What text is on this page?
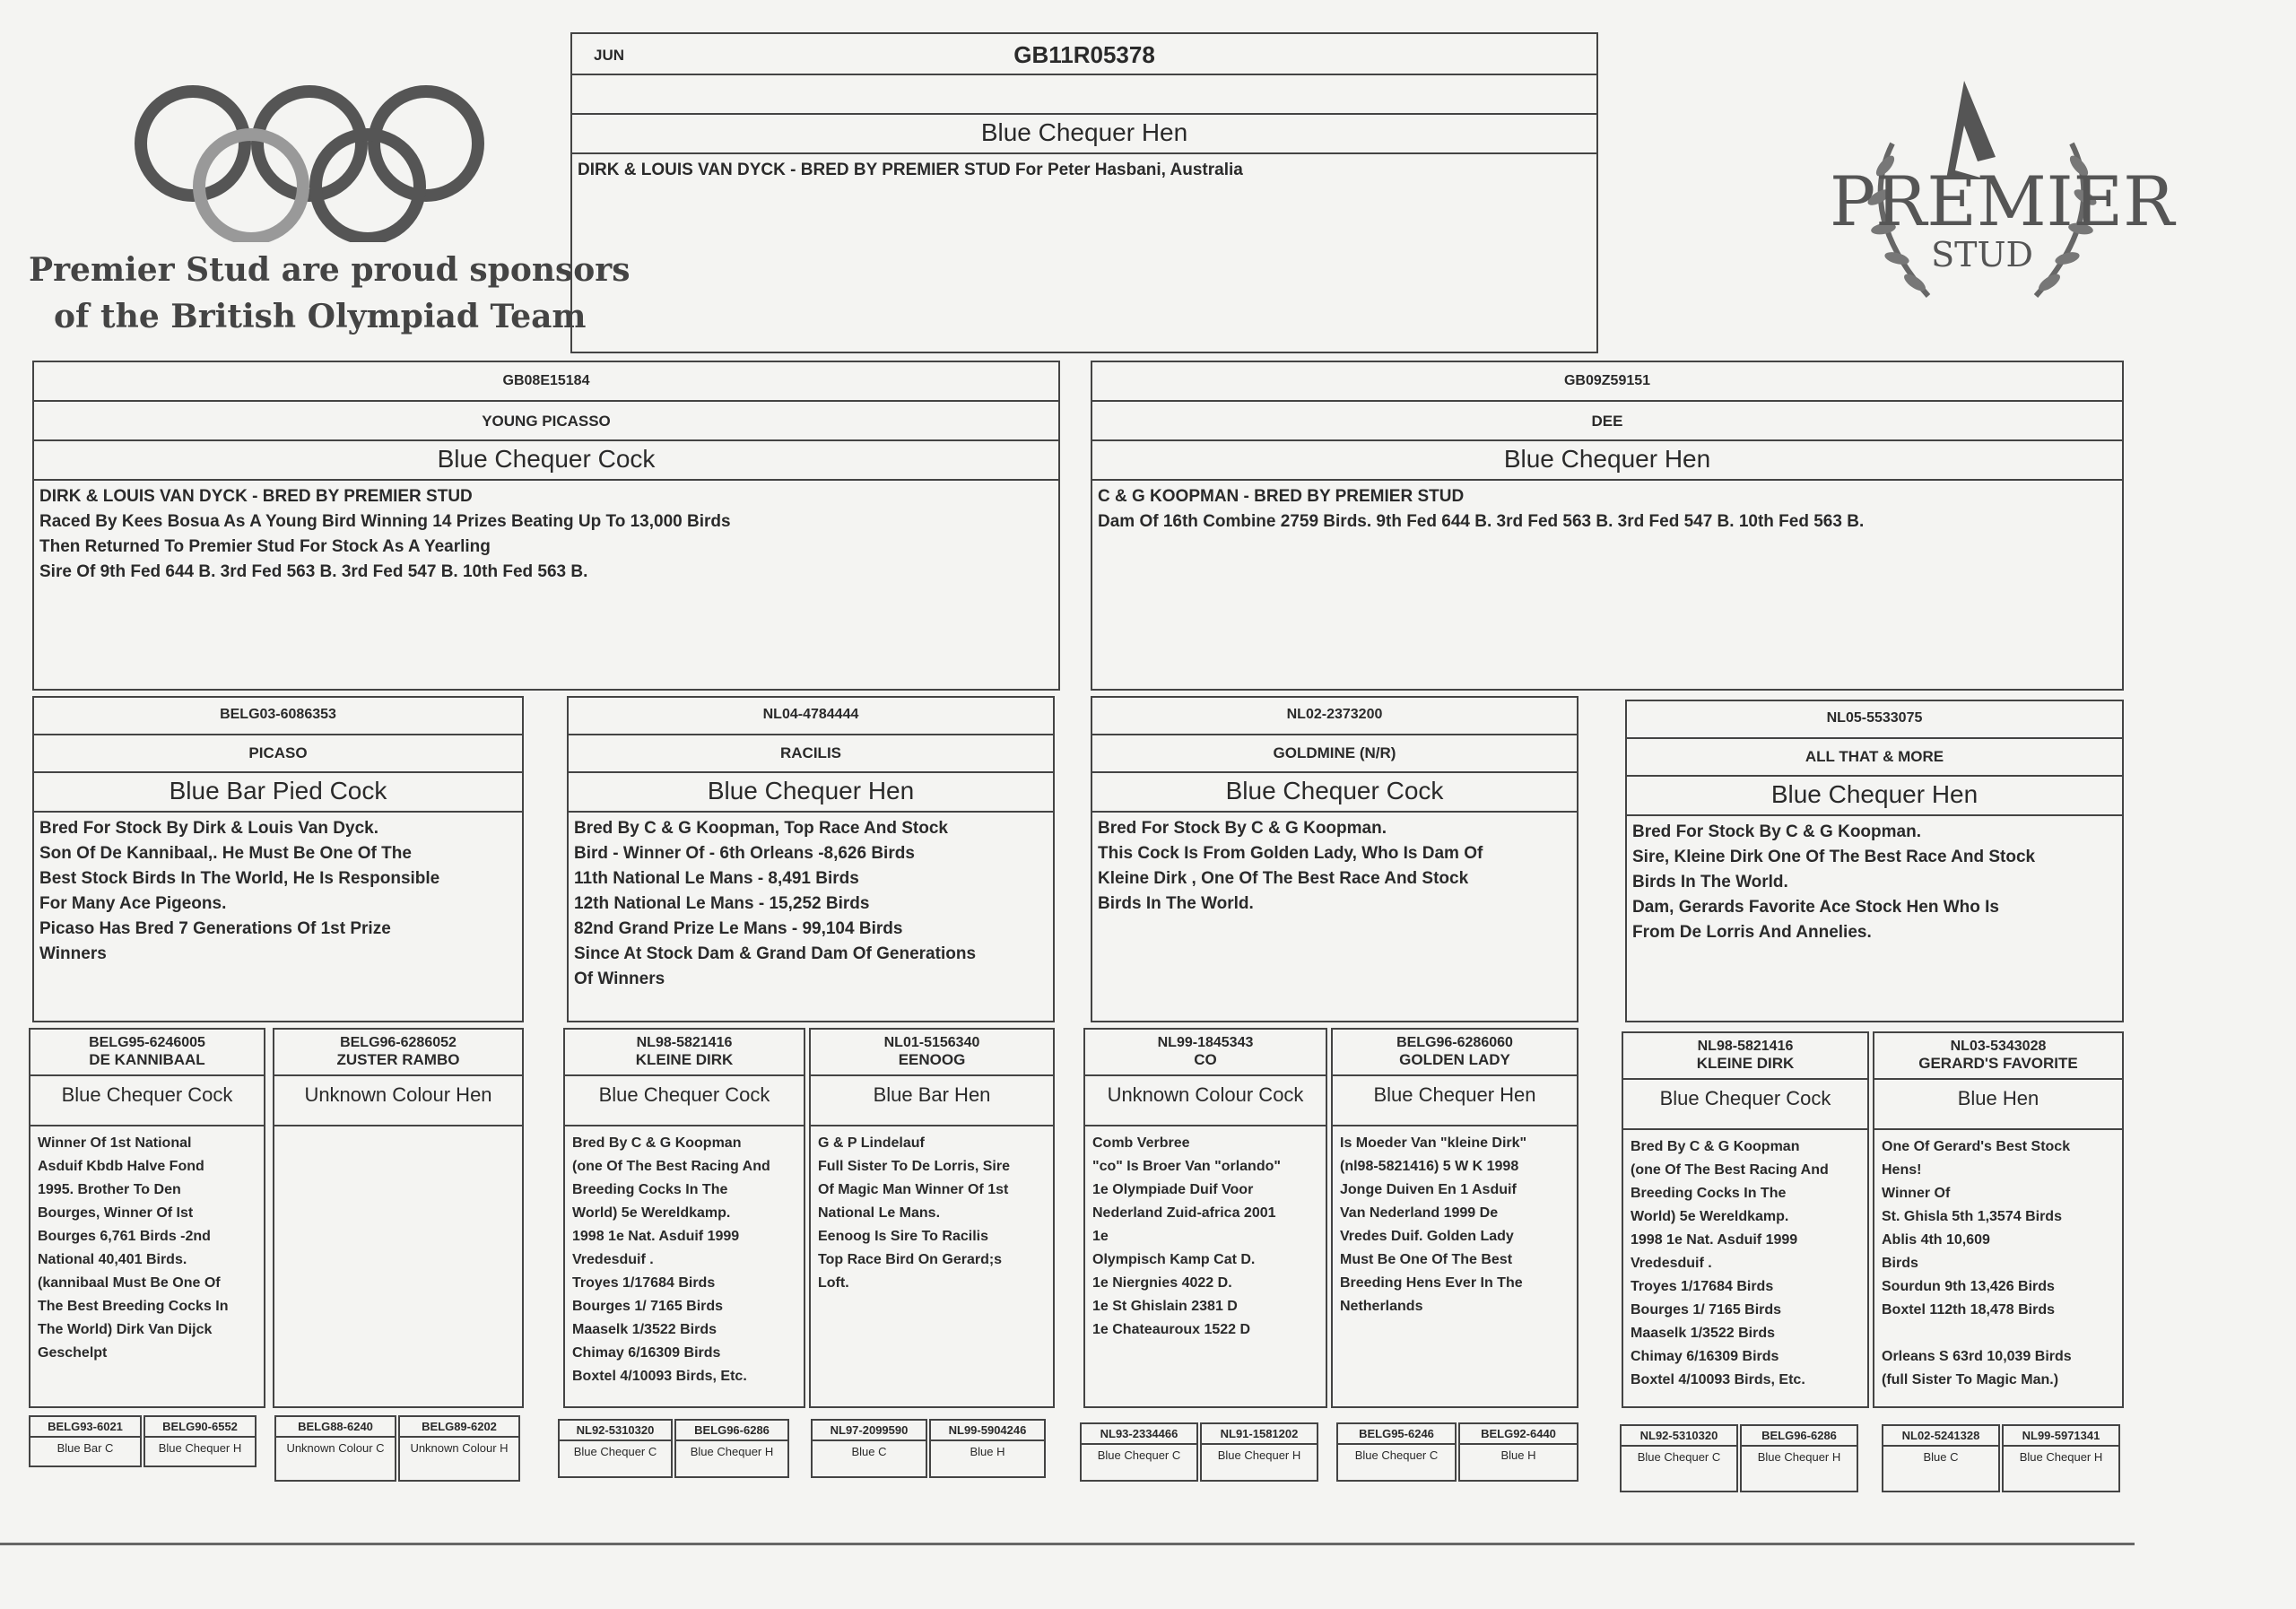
Premier Stud are proud sponsors
of the British Olympiad Team
PREMIER
STUD
JUN	GB11R05378
Blue Chequer Hen
DIRK & LOUIS VAN DYCK - BRED BY PREMIER STUD For Peter Hasbani, Australia
GB08E15184
YOUNG PICASSO
Blue Chequer Cock
DIRK & LOUIS VAN DYCK - BRED BY PREMIER STUD
Raced By Kees Bosua As A Young Bird Winning 14 Prizes Beating Up To 13,000 Birds
Then Returned To Premier Stud For Stock As A Yearling
Sire Of 9th Fed 644 B. 3rd Fed 563 B. 3rd Fed 547 B. 10th Fed 563 B.
GB09Z59151
DEE
Blue Chequer Hen
C & G KOOPMAN - BRED BY PREMIER STUD
Dam Of 16th Combine 2759 Birds. 9th Fed 644 B. 3rd Fed 563 B. 3rd Fed 547 B. 10th Fed 563 B.
BELG03-6086353
PICASO
Blue Bar Pied Cock
Bred For Stock By Dirk & Louis Van Dyck.
Son Of De Kannibaal,. He Must Be One Of The
Best Stock Birds In The World, He Is Responsible
For Many Ace Pigeons.
Picaso Has Bred 7 Generations Of 1st Prize
Winners
NL04-4784444
RACILIS
Blue Chequer Hen
Bred By C & G Koopman, Top Race And Stock
Bird - Winner Of - 6th Orleans -8,626 Birds
11th National Le Mans - 8,491 Birds
12th National Le Mans - 15,252 Birds
82nd Grand Prize Le Mans - 99,104 Birds
Since At Stock Dam & Grand Dam Of Generations
Of Winners
NL02-2373200
GOLDMINE (N/R)
Blue Chequer Cock
Bred For Stock By C & G Koopman.
This Cock Is From Golden Lady, Who Is Dam Of
Kleine Dirk , One Of The Best Race And Stock
Birds In The World.
NL05-5533075
ALL THAT & MORE
Blue Chequer Hen
Bred For Stock By C & G Koopman.
Sire, Kleine Dirk One Of The Best Race And Stock
Birds In The World.
Dam, Gerards Favorite Ace Stock Hen Who Is
From De Lorris And Annelies.
BELG95-6246005
DE KANNIBAAL
Blue Chequer Cock
Winner Of 1st National
Asduif Kbdb Halve Fond
1995. Brother To Den
Bourges, Winner Of Ist
Bourges 6,761 Birds -2nd
National 40,401 Birds.
(kannibaal Must Be One Of
The Best Breeding Cocks In
The World) Dirk Van Dijck
Geschelpt
BELG96-6286052
ZUSTER RAMBO
Unknown Colour Hen
NL98-5821416
KLEINE DIRK
Blue Chequer Cock
Bred By C & G Koopman
(one Of The Best Racing And
Breeding Cocks In The
World) 5e Wereldkamp.
1998 1e Nat. Asduif 1999
Vredesduif .
Troyes 1/17684 Birds
Bourges 1/ 7165 Birds
Maaselk 1/3522 Birds
Chimay 6/16309 Birds
Boxtel 4/10093 Birds, Etc.
NL01-5156340
EENOOG
Blue Bar Hen
G & P Lindelauf
Full Sister To De Lorris, Sire
Of Magic Man Winner Of 1st
National Le Mans.
Eenoog Is Sire To Racilis
Top Race Bird On Gerard;s
Loft.
NL99-1845343
CO
Unknown Colour Cock
Comb Verbree
"co" Is Broer Van "orlando"
1e Olympiade Duif Voor
Nederland Zuid-africa 2001
1e
Olympisch Kamp Cat D.
1e Niergnies 4022 D.
1e St Ghislain 2381 D
1e Chateauroux 1522 D
BELG96-6286060
GOLDEN LADY
Blue Chequer Hen
Is Moeder Van "kleine Dirk"
(nl98-5821416) 5 W K 1998
Jonge Duiven En 1 Asduif
Van Nederland 1999 De
Vredes Duif. Golden Lady
Must Be One Of The Best
Breeding Hens Ever In The
Netherlands
NL98-5821416
KLEINE DIRK
Blue Chequer Cock
Bred By C & G Koopman
(one Of The Best Racing And
Breeding Cocks In The
World) 5e Wereldkamp.
1998 1e Nat. Asduif 1999
Vredesduif .
Troyes 1/17684 Birds
Bourges 1/ 7165 Birds
Maaselk 1/3522 Birds
Chimay 6/16309 Birds
Boxtel 4/10093 Birds, Etc.
NL03-5343028
GERARD'S FAVORITE
Blue Hen
One Of Gerard's Best Stock
Hens!
Winner Of
St. Ghisla 5th 1,3574 Birds
Ablis 4th 10,609
Birds
Sourdun 9th 13,426 Birds
Boxtel 112th 18,478 Birds

Orleans S 63rd 10,039 Birds
(full Sister To Magic Man.)
BELG93-6021
Blue Bar C
BELG90-6552
Blue Chequer H
BELG88-6240
Unknown Colour C
BELG89-6202
Unknown Colour H
NL92-5310320
Blue Chequer C
BELG96-6286
Blue Chequer H
NL97-2099590
Blue C
NL99-5904246
Blue H
NL93-2334466
Blue Chequer C
NL91-1581202
Blue Chequer H
BELG95-6246
Blue Chequer C
BELG92-6440
Blue H
NL92-5310320
Blue Chequer C
BELG96-6286
Blue Chequer H
NL02-5241328
Blue C
NL99-5971341
Blue Chequer H
